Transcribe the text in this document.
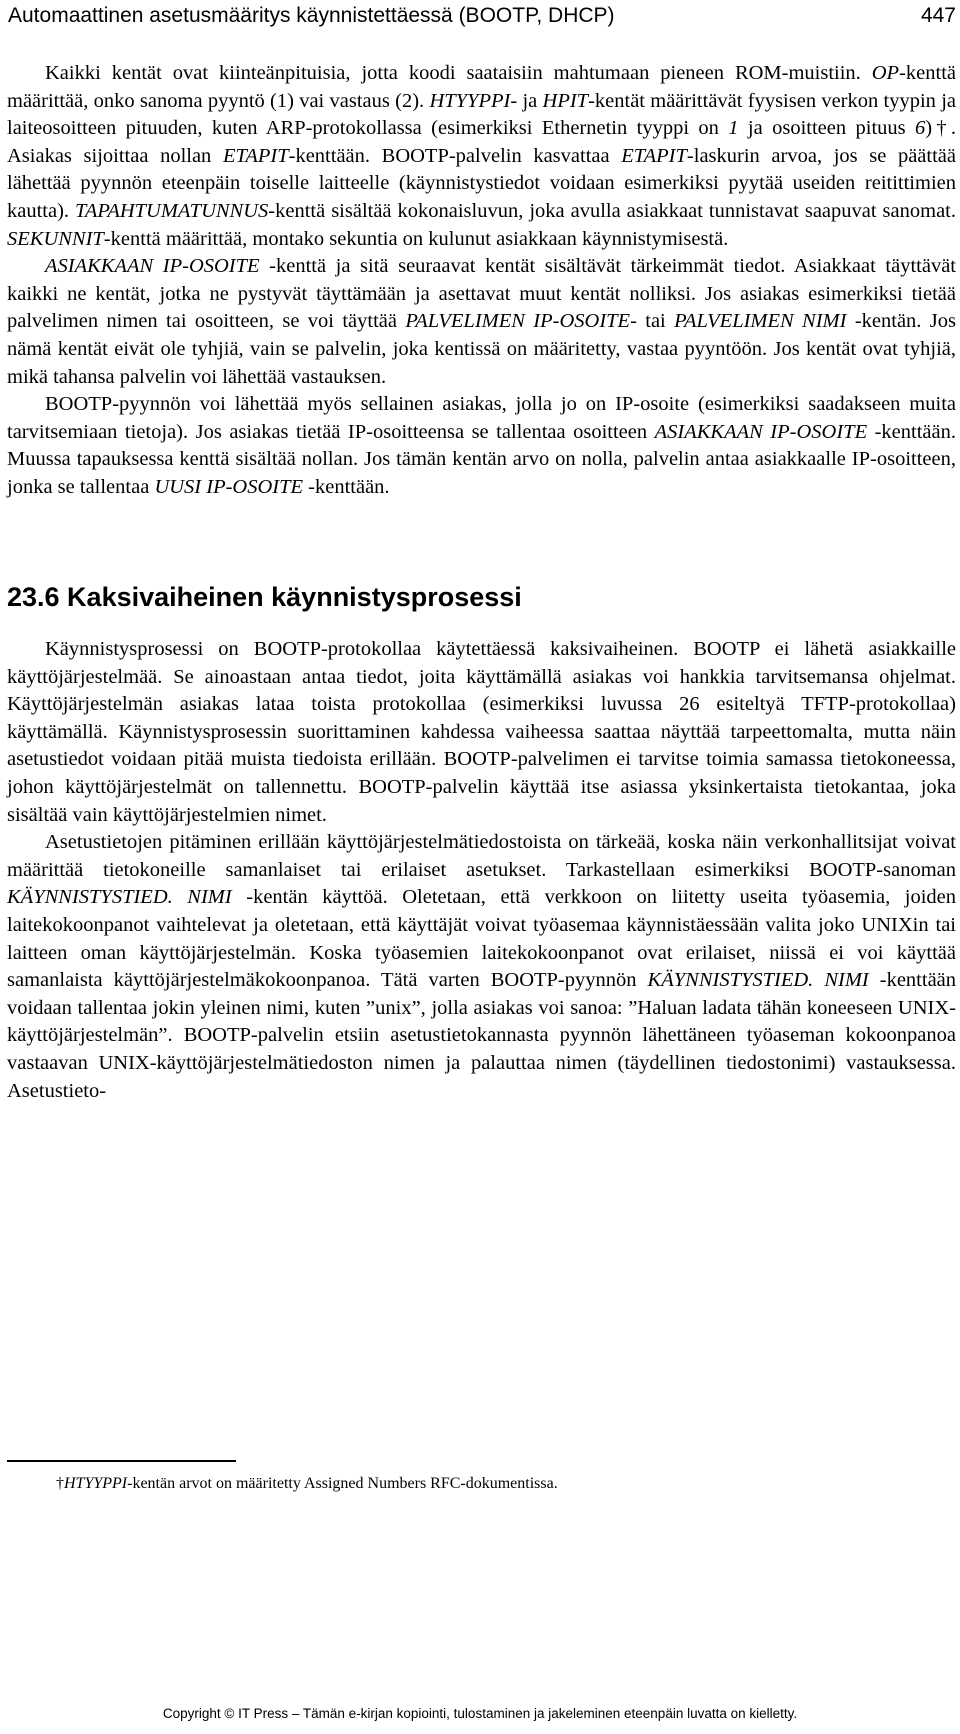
Automaattinen asetusmääritys käynnistettäessä (BOOTP, DHCP)	447

Kaikki kentät ovat kiinteänpituisia, jotta koodi saataisiin mahtumaan pieneen ROM-muistiin. OP-kenttä määrittää, onko sanoma pyyntö (1) vai vastaus (2). HTYYPPI- ja HPIT-kentät määrittävät fyysisen verkon tyypin ja laiteosoitteen pituuden, kuten ARP-protokollassa (esimerkiksi Ethernetin tyyppi on 1 ja osoitteen pituus 6)†. Asiakas sijoittaa nollan ETAPIT-kenttään. BOOTP-palvelin kasvattaa ETAPIT-laskurin arvoa, jos se päättää lähettää pyynnön eteenpäin toiselle laitteelle (käynnistystiedot voidaan esimerkiksi pyytää useiden reitittimien kautta). TAPAHTUMATUNNUS-kenttä sisältää kokonaisluvun, joka avulla asiakkaat tunnistavat saapuvat sanomat. SEKUNNIT-kenttä määrittää, montako sekuntia on kulunut asiakkaan käynnistymisestä.

ASIAKKAAN IP-OSOITE -kenttä ja sitä seuraavat kentät sisältävät tärkeimmät tiedot. Asiakkaat täyttävät kaikki ne kentät, jotka ne pystyvät täyttämään ja asettavat muut kentät nolliksi. Jos asiakas esimerkiksi tietää palvelimen nimen tai osoitteen, se voi täyttää PALVELIMEN IP-OSOITE- tai PALVELIMEN NIMI -kentän. Jos nämä kentät eivät ole tyhjiä, vain se palvelin, joka kentissä on määritetty, vastaa pyyntöön. Jos kentät ovat tyhjiä, mikä tahansa palvelin voi lähettää vastauksen.

BOOTP-pyynnön voi lähettää myös sellainen asiakas, jolla jo on IP-osoite (esimerkiksi saadakseen muita tarvitsemiaan tietoja). Jos asiakas tietää IP-osoitteensa se tallentaa osoitteen ASIAKKAAN IP-OSOITE -kenttään. Muussa tapauksessa kenttä sisältää nollan. Jos tämän kentän arvo on nolla, palvelin antaa asiakkaalle IP-osoitteen, jonka se tallentaa UUSI IP-OSOITE -kenttään.

23.6 Kaksivaiheinen käynnistysprosessi

Käynnistysprosessi on BOOTP-protokollaa käytettäessä kaksivaiheinen. BOOTP ei lähetä asiakkaille käyttöjärjestelmää. Se ainoastaan antaa tiedot, joita käyttämällä asiakas voi hankkia tarvitsemansa ohjelmat. Käyttöjärjestelmän asiakas lataa toista protokollaa (esimerkiksi luvussa 26 esiteltyä TFTP-protokollaa) käyttämällä. Käynnistysprosessin suorittaminen kahdessa vaiheessa saattaa näyttää tarpeettomalta, mutta näin asetustiedot voidaan pitää muista tiedoista erillään. BOOTP-palvelimen ei tarvitse toimia samassa tietokoneessa, johon käyttöjärjestelmät on tallennettu. BOOTP-palvelin käyttää itse asiassa yksinkertaista tietokantaa, joka sisältää vain käyttöjärjestelmien nimet.

Asetustietojen pitäminen erillään käyttöjärjestelmätiedostoista on tärkeää, koska näin verkonhallitsijat voivat määrittää tietokoneille samanlaiset tai erilaiset asetukset. Tarkastellaan esimerkiksi BOOTP-sanoman KÄYNNISTYSTIED. NIMI -kentän käyttöä. Oletetaan, että verkkoon on liitetty useita työasemia, joiden laitekokoonpanot vaihtelevat ja oletetaan, että käyttäjät voivat työasemaa käynnistäessään valita joko UNIXin tai laitteen oman käyttöjärjestelmän. Koska työasemien laitekokoonpanot ovat erilaiset, niissä ei voi käyttää samanlaista käyttöjärjestelmäkokoonpanoa. Tätä varten BOOTP-pyynnön KÄYNNISTYSTIED. NIMI -kenttään voidaan tallentaa jokin yleinen nimi, kuten ”unix”, jolla asiakas voi sanoa: ”Haluan ladata tähän koneeseen UNIX-käyttöjärjestelmän”. BOOTP-palvelin etsiin asetustietokannasta pyynnön lähettäneen työaseman kokoonpanoa vastaavan UNIX-käyttöjärjestelmätiedoston nimen ja palauttaa nimen (täydellinen tiedostonimi) vastauksessa. Asetustieto-

†HTYYPPI-kentän arvot on määritetty Assigned Numbers RFC-dokumentissa.
Copyright © IT Press – Tämän e-kirjan kopiointi, tulostaminen ja jakeleminen eteenpäin luvatta on kielletty.
